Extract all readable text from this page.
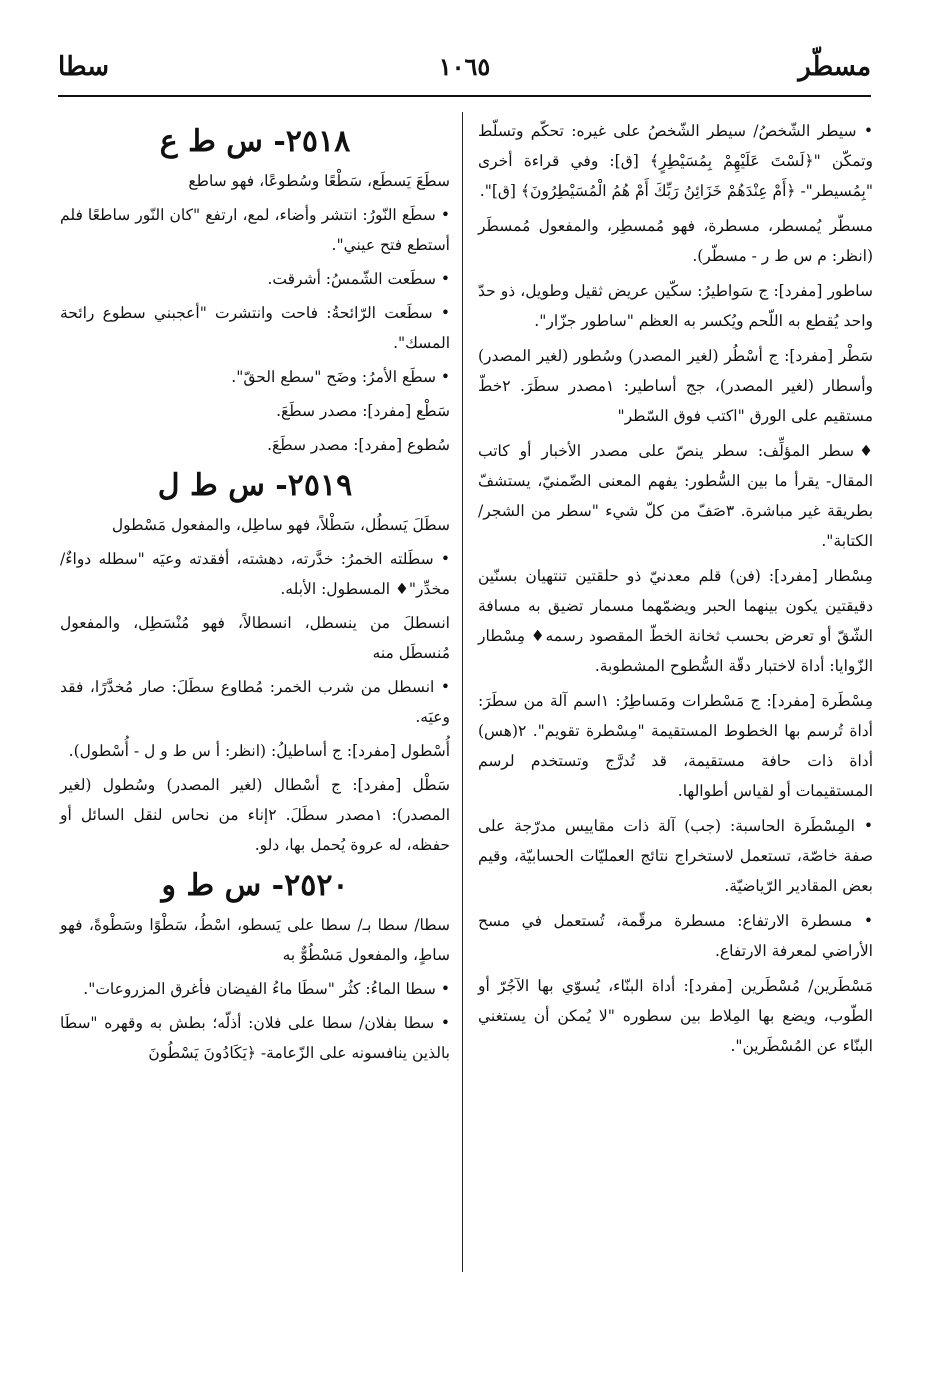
مسطّر
١٠٦٥
سطا

• سيطر الشّخصُ/ سيطر الشّخصُ على غيره: تحكّم وتسلّط وتمكّن "﴿لَسْتَ عَلَيْهِمْ بِمُسَيْطِرٍ﴾ [ق]: وفي قراءة أخرى "بِمُسيطر"- ﴿أَمْ عِنْدَهُمْ خَزَائِنُ رَبِّكَ أَمْ هُمُ الْمُسَيْطِرُونَ﴾ [ق]".

مسطّر يُمسطر، مسطرة، فهو مُمسطِر، والمفعول مُمسطَر (انظر: م س ط ر - مسطّر).

ساطور [مفرد]: ج سَواطيرُ: سكّين عريض ثقيل وطويل، ذو حدّ واحد يُقطع به اللّحم ويُكسر به العظم "ساطور جزّار".

سَطْر [مفرد]: ج أسْطُر (لغير المصدر) وسُطور (لغير المصدر) وأسطار (لغير المصدر)، جج أساطير: ١مصدر سطَرَ. ٢خطّ مستقيم على الورق "اكتب فوق السّطر"

♦سطر المؤلِّف: سطر ينصّ على مصدر الأخبار أو كاتب المقال- يقرأ ما بين السُّطور: يفهم المعنى الضّمنيّ، يستشفّ بطريقة غير مباشرة. ٣صَفّ من كلّ شيء "سطر من الشجر/ الكتابة".

مِسْطار [مفرد]: (فن) قلم معدنيّ ذو حلقتين تنتهيان بسنّين دقيقتين يكون بينهما الحبر ويضمّهما مسمار تضيق به مسافة الشّقّ أو تعرض بحسب ثخانة الخطّ المقصود رسمه♦ مِسْطار الزّوايا: أداة لاختبار دقّة السُّطوح المشطوبة.

مِسْطَرة [مفرد]: ج مَسْطرات ومَساطِرُ: ١اسم آلة من سطَرَ: أداة تُرسم بها الخطوط المستقيمة "مِسْطرة تقويم". ٢(هس) أداة ذات حافة مستقيمة، قد تُدرَّج وتستخدم لرسم المستقيمات أو لقياس أطوالها.

• المِسْطَرة الحاسبة: (جب) آلة ذات مقاييس مدرّجة على صفة خاصّة، تستعمل لاستخراج نتائج العمليّات الحسابيّة، وقيم بعض المقادير الرّياضيّة.

• مسطرة الارتفاع: مسطرة مرقّمة، تُستعمل في مسح الأراضي لمعرفة الارتفاع.

مَسْطَرين/ مُسْطَرين [مفرد]: أداة البنّاء، يُسوّي بها الآجُرّ أو الطّوب، ويضع بها المِلاط بين سطوره "لا يُمكن أن يستغني البنّاء عن المُسْطَرين".

٢٥١٨- س ط ع

سطَعَ يَسطَع، سَطْعًا وسُطوعًا، فهو ساطع

• سطَع النّورُ: انتشر وأضاء، لمع، ارتفع "كان النّور ساطعًا فلم أستطع فتح عيني".

• سطَعت الشّمسُ: أشرقت.

• سطَعت الرّائحةُ: فاحت وانتشرت "أعجبني سطوع رائحة المسك".

• سطَع الأمرُ: وضَح "سطع الحقّ".

سَطْع [مفرد]: مصدر سطَعَ.

سُطوع [مفرد]: مصدر سطَعَ.

٢٥١٩- س ط ل

سطَلَ يَسطُل، سَطْلاً، فهو ساطِل، والمفعول مَسْطول

• سطَلته الخمرُ: خدَّرته، دهشته، أفقدته وعيَه "سطله دواءٌ/ مخدِّر"♦ المسطول: الأبله.

انسطلَ من ينسطل، انسطالاً، فهو مُنْسَطِل، والمفعول مُنسطَل منه

• انسطل من شرب الخمر: مُطاوع سطَلَ: صار مُخدَّرًا، فقد وعيَه.

أُسْطول [مفرد]: ج أساطيلُ: (انظر: أ س ط و ل - أُسْطول).

سَطْل [مفرد]: ج أسْطال (لغير المصدر) وسُطول (لغير المصدر): ١مصدر سطَلَ. ٢إناء من نحاس لنقل السائل أو حفظه، له عروة يُحمل بها، دلو.

٢٥٢٠- س ط و

سطا/ سطا بـ/ سطا على يَسطو، اسْطُ، سَطْوًا وسَطْوةً، فهو ساطٍ، والمفعول مَسْطُوٌّ به

• سطا الماءُ: كثُر "سطَا ماءُ الفيضان فأغرق المزروعات".

• سطا بفلان/ سطا على فلان: أذلّه؛ بطش به وقهره "سطَا بالذين ينافسونه على الزّعامة- ﴿يَكَادُونَ يَسْطُونَ
